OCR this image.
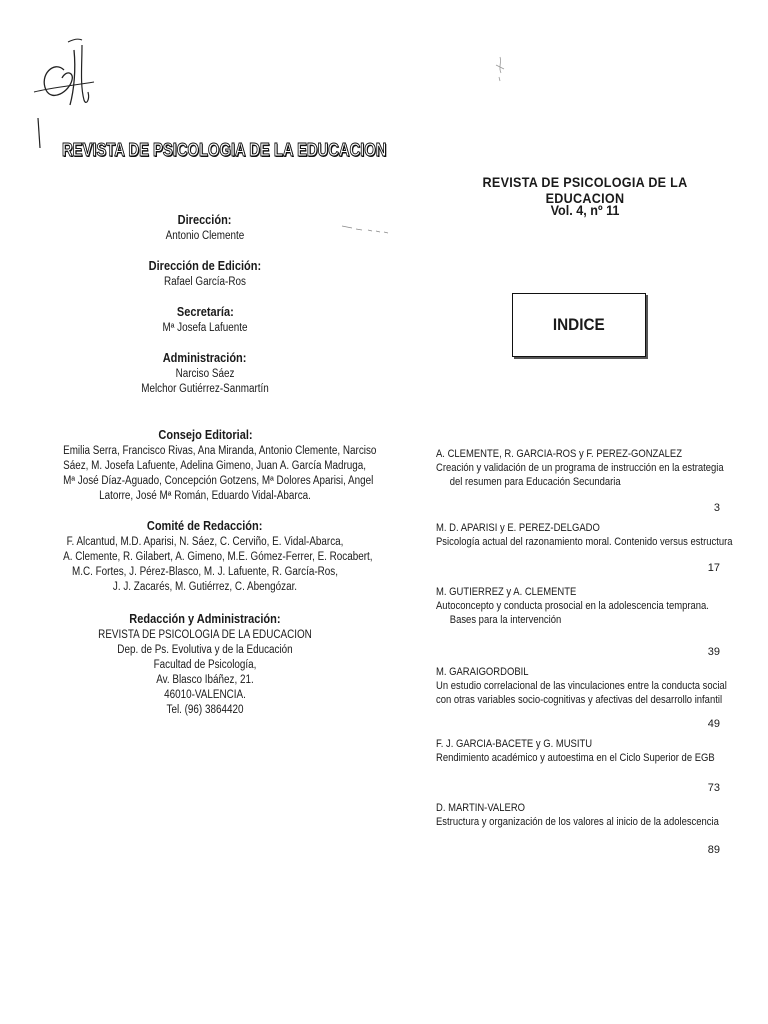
REVISTA DE PSICOLOGIA DE LA EDUCACION
Dirección:
Antonio Clemente
Dirección de Edición:
Rafael García-Ros
Secretaría:
Mª Josefa Lafuente
Administración:
Narciso Sáez
Melchor Gutiérrez-Sanmartín
Consejo Editorial:
Emilia Serra, Francisco Rivas, Ana Miranda, Antonio Clemente, Narciso
Sáez, M. Josefa Lafuente, Adelina Gimeno, Juan A. García Madruga,
Mª José Díaz-Aguado, Concepción Gotzens, Mª Dolores Aparisi, Angel
Latorre, José Mª Román, Eduardo Vidal-Abarca.
Comité de Redacción:
F. Alcantud, M.D. Aparisi, N. Sáez, C. Cerviño, E. Vidal-Abarca,
A. Clemente, R. Gilabert, A. Gimeno, M.E. Gómez-Ferrer, E. Rocabert,
M.C. Fortes, J. Pérez-Blasco, M. J. Lafuente, R. García-Ros,
J. J. Zacarés, M. Gutiérrez, C. Abengózar.
Redacción y Administración:
REVISTA DE PSICOLOGIA DE LA EDUCACION
Dep. de Ps. Evolutiva y de la Educación
Facultad de Psicología,
Av. Blasco Ibáñez, 21.
46010-VALENCIA.
Tel. (96) 3864420
REVISTA DE PSICOLOGIA DE LA EDUCACION
Vol. 4, nº 11
INDICE
A. CLEMENTE, R. GARCIA-ROS y F. PEREZ-GONZALEZ
Creación y validación de un programa de instrucción en la estrategia
del resumen para Educación Secundaria
3
M. D. APARISI y E. PEREZ-DELGADO
Psicología actual del razonamiento moral. Contenido versus estructura
17
M. GUTIERREZ y A. CLEMENTE
Autoconcepto y conducta prosocial en la adolescencia temprana.
Bases para la intervención
39
M. GARAIGORDOBIL
Un estudio correlacional de las vinculaciones entre la conducta social
con otras variables socio-cognitivas y afectivas del desarrollo infantil
49
F. J. GARCIA-BACETE y G. MUSITU
Rendimiento académico y autoestima en el Ciclo Superior de EGB
73
D. MARTIN-VALERO
Estructura y organización de los valores al inicio de la adolescencia
89
